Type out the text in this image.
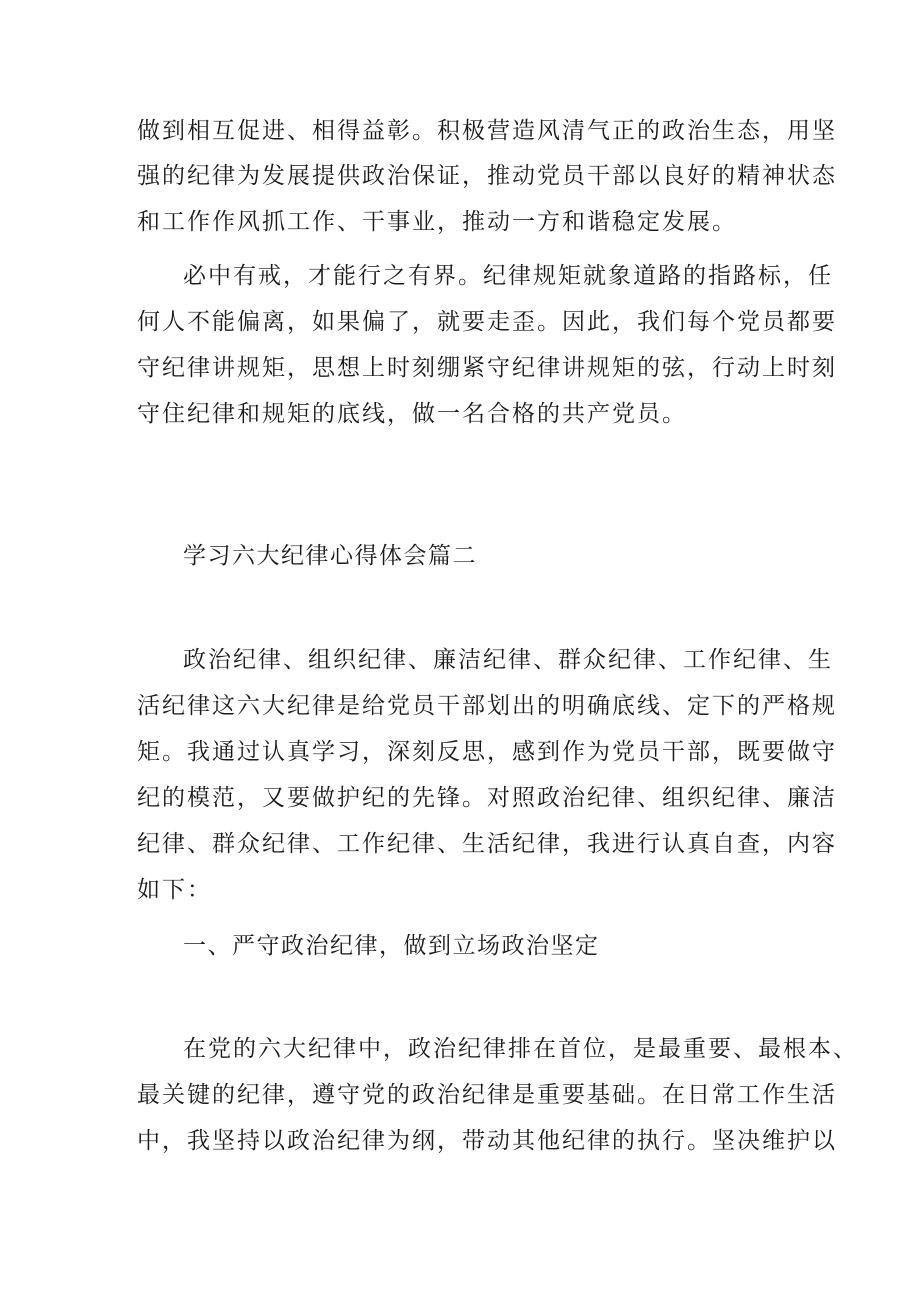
做到相互促进、相得益彰。积极营造风清气正的政治生态，用坚

强的纪律为发展提供政治保证，推动党员干部以良好的精神状态

和工作作风抓工作、干事业，推动一方和谐稳定发展。

必中有戒，才能行之有界。纪律规矩就象道路的指路标，任

何人不能偏离，如果偏了，就要走歪。因此，我们每个党员都要

守纪律讲规矩，思想上时刻绷紧守纪律讲规矩的弦，行动上时刻

守住纪律和规矩的底线，做一名合格的共产党员。

学习六大纪律心得体会篇二

政治纪律、组织纪律、廉洁纪律、群众纪律、工作纪律、生

活纪律这六大纪律是给党员干部划出的明确底线、定下的严格规

矩。我通过认真学习，深刻反思，感到作为党员干部，既要做守

纪的模范，又要做护纪的先锋。对照政治纪律、组织纪律、廉洁

纪律、群众纪律、工作纪律、生活纪律，我进行认真自查，内容

如下：

一、严守政治纪律，做到立场政治坚定

在党的六大纪律中，政治纪律排在首位，是最重要、最根本、

最关键的纪律，遵守党的政治纪律是重要基础。在日常工作生活

中，我坚持以政治纪律为纲，带动其他纪律的执行。坚决维护以
